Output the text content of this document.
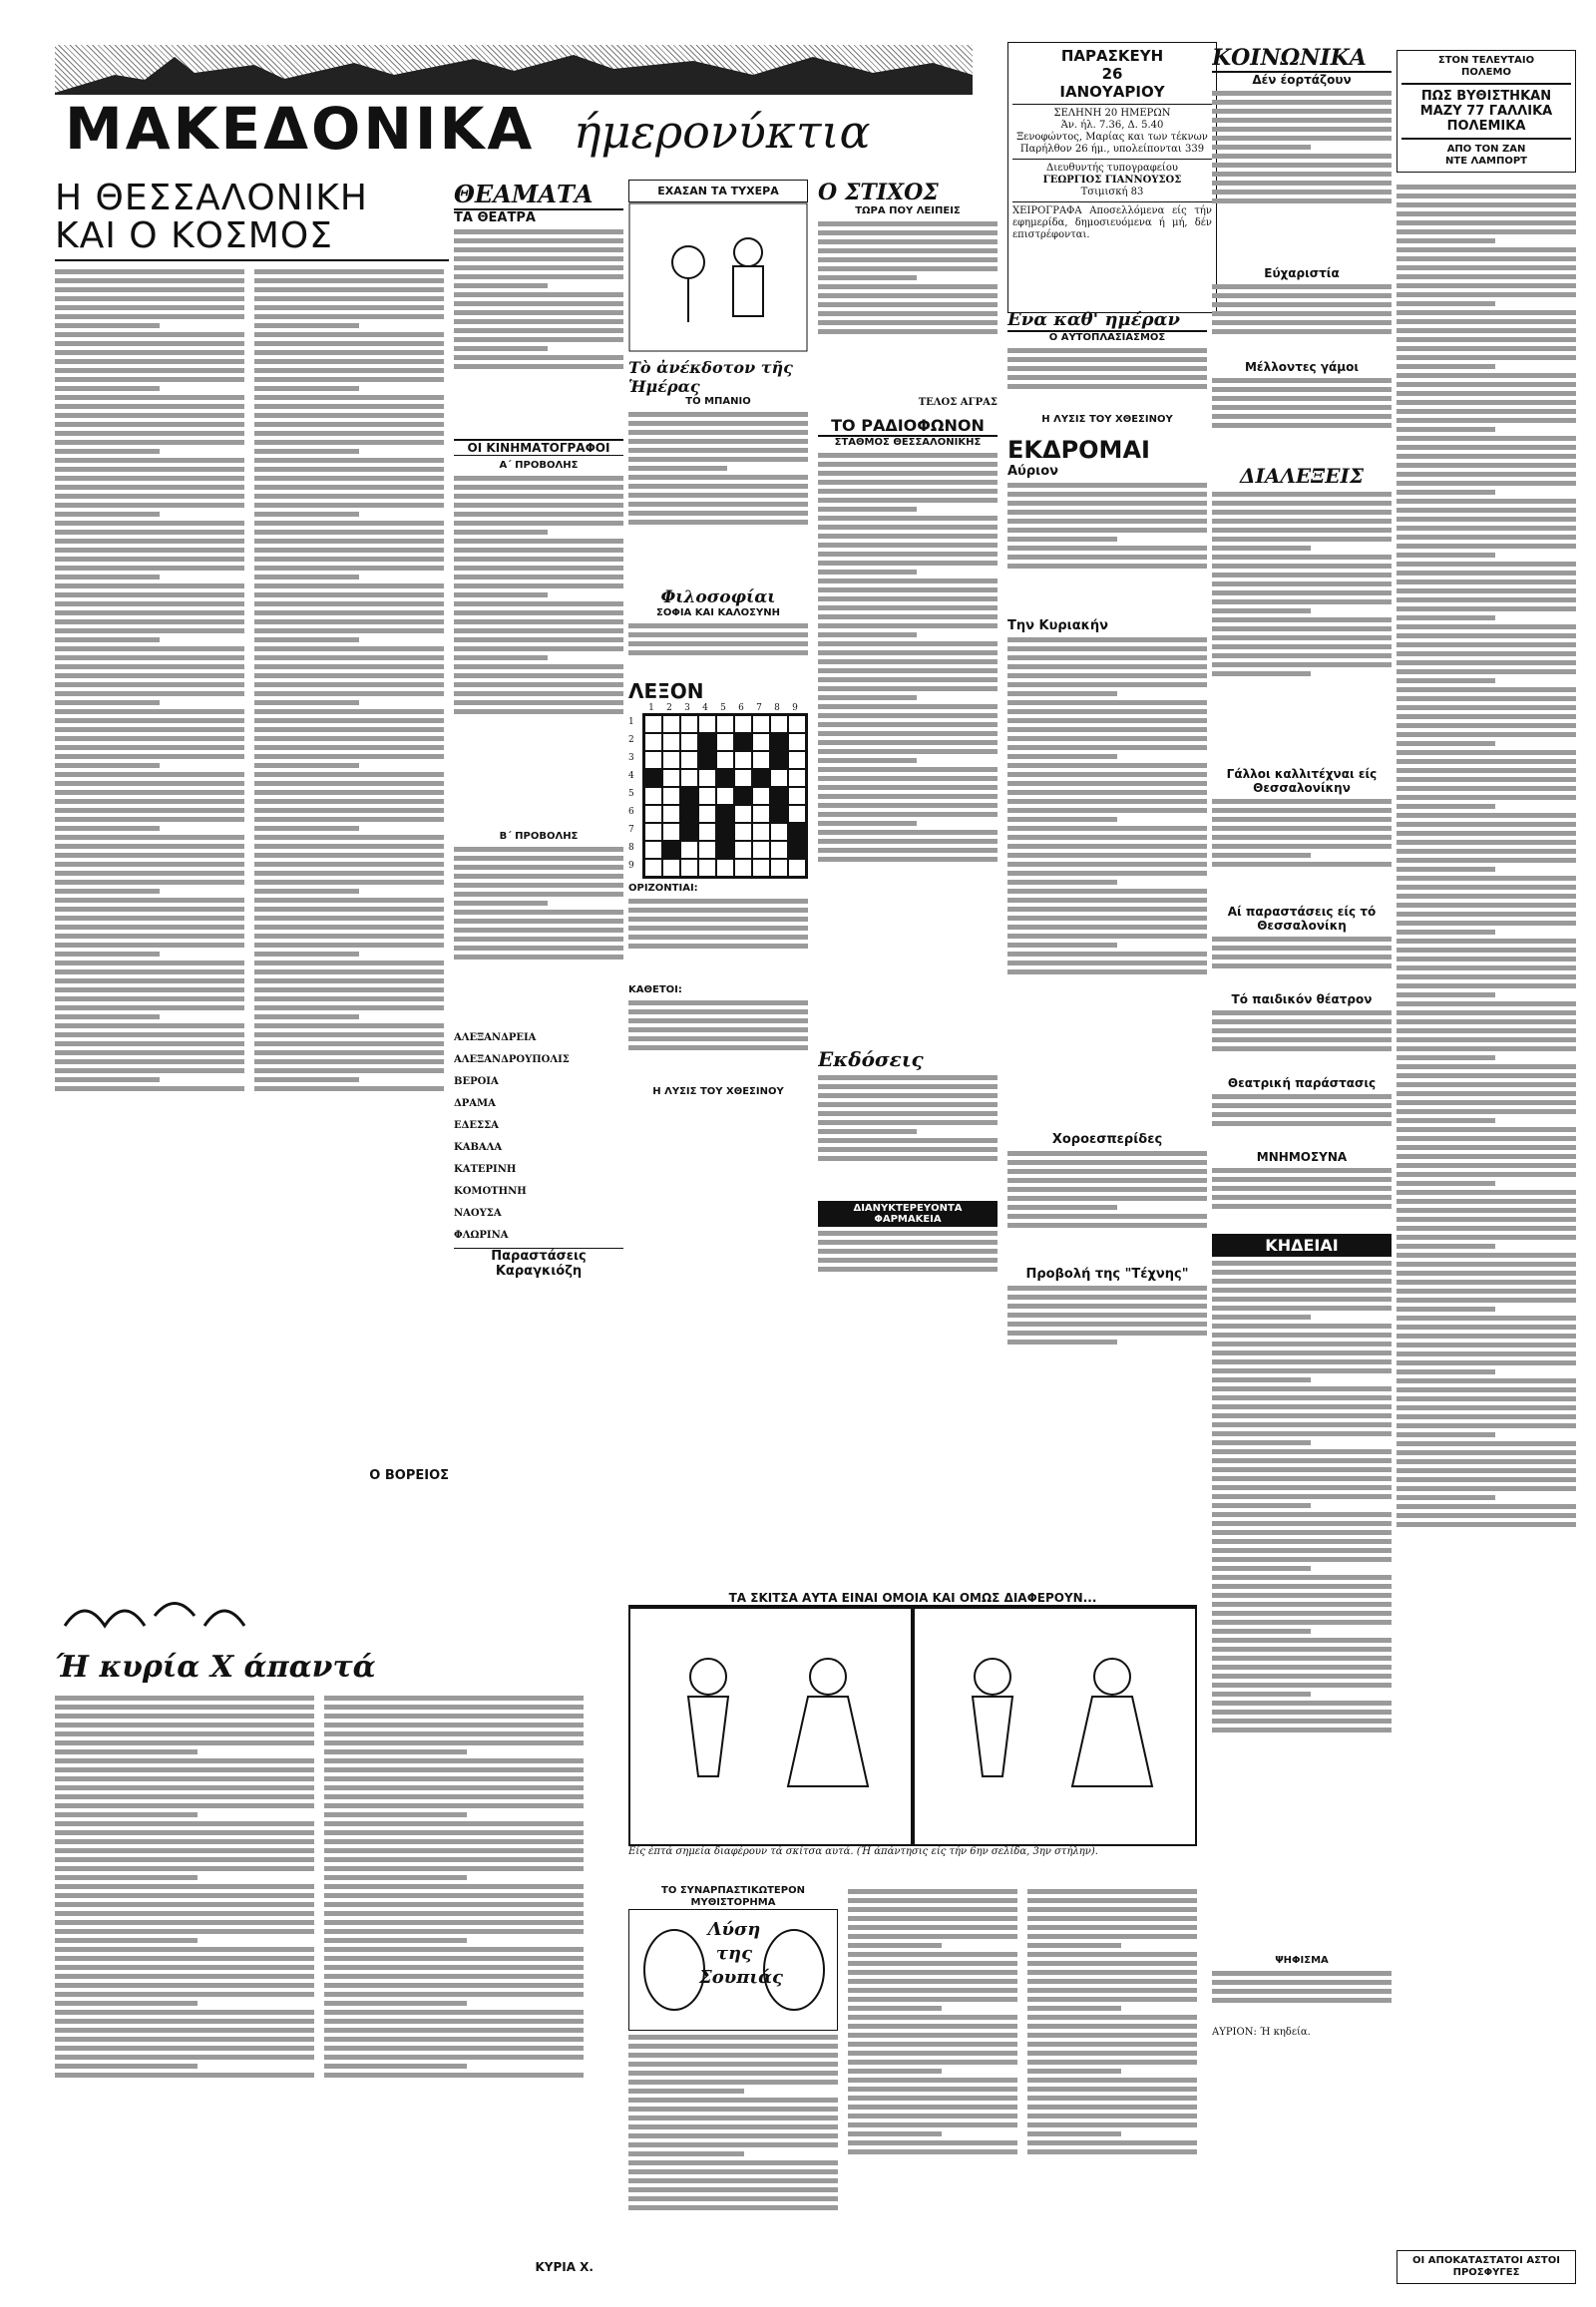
ΜΑΚΕΔΟΝΙΚΑ ήμερονύκτια
ΠΑΡΑΣΚΕΥΗ
26
ΙΑΝΟΥΑΡΙΟΥ
ΣΕΛΗΝΗ 20 ΗΜΕΡΩΝ
Άν. ήλ. 7.36, Δ. 5.40
Ξενοφώντος, Μαρίας και των τέκνων
Παρήλθον 26 ήμ., υπολείπονται 339
Διευθυντής τυπογραφείου
ΓΕΩΡΓΙΟΣ ΓΙΑΝΝΟΥΣΟΣ
Τσιμισκή 83
ΧΕΙΡΟΓΡΑΦΑ Αποσελλόμενα είς τήν εφημερίδα, δημοσιευόμενα ή μή, δέν επιστρέφονται.
ΣΤΟΝ ΤΕΛΕΥΤΑΙΟ
ΠΟΛΕΜΟ
ΠΩΣ ΒΥΘΙΣΤΗΚΑΝ ΜΑΖΥ 77 ΓΑΛΛΙΚΑ ΠΟΛΕΜΙΚΑ
ΑΠΟ ΤΟΝ ΖΑΝ
ΝΤΕ ΛΑΜΠΟΡΤ
ΟΙ ΑΠΟΚΑΤΑΣΤΑΤΟΙ ΑΣΤΟΙ ΠΡΟΣΦΥΓΕΣ
Η ΘΕΣΣΑΛΟΝΙΚΗ
ΚΑΙ Ο ΚΟΣΜΟΣ
Ο ΒΟΡΕΙΟΣ
Ή κυρία Χ άπαντά
ΚΥΡΙΑ Χ.
ΘΕΑΜΑΤΑ
ΤΑ ΘΕΑΤΡΑ
ΟΙ ΚΙΝΗΜΑΤΟΓΡΑΦΟΙ
Α΄ ΠΡΟΒΟΛΗΣ
Β΄ ΠΡΟΒΟΛΗΣ
ΑΛΕΞΑΝΔΡΕΙΑ
ΑΛΕΞΑΝΔΡΟΥΠΟΛΙΣ
ΒΕΡΟΙΑ
ΔΡΑΜΑ
ΕΔΕΣΣΑ
ΚΑΒΑΛΑ
ΚΑΤΕΡΙΝΗ
ΚΟΜΟΤΗΝΗ
ΝΑΟΥΣΑ
ΦΛΩΡΙΝΑ
Παραστάσεις Καραγκιόζη
ΕΧΑΣΑΝ ΤΑ ΤΥΧΕΡΑ
Τὸ ἀνέκδοτον τῆς Ἡμέρας
ΤΟ ΜΠΑΝΙΟ
Φιλοσοφίαι
ΣΟΦΙΑ ΚΑΙ ΚΑΛΟΣΥΝΗ
ΛΕΞΟΝ
1	2	3	4	5	6	7	8	9
1
2
3
4
5
6
7
8
9
ΟΡΙΖΟΝΤΙΑΙ:
ΚΑΘΕΤΟΙ:
Η ΛΥΣΙΣ ΤΟΥ ΧΘΕΣΙΝΟΥ
Ο ΣΤΙΧΟΣ
ΤΩΡΑ ΠΟΥ ΛΕΙΠΕΙΣ
ΤΕΛΟΣ ΑΓΡΑΣ
ΤΟ ΡΑΔΙΟΦΩΝΟΝ
ΣΤΑΘΜΟΣ ΘΕΣΣΑΛΟΝΙΚΗΣ
Εκδόσεις
ΔΙΑΝΥΚΤΕΡΕΥΟΝΤΑ ΦΑΡΜΑΚΕΙΑ
Ενα καθ' ημέραν
Ο ΑΥΤΟΠΛΑΣΙΑΣΜΟΣ
Η ΛΥΣΙΣ ΤΟΥ ΧΘΕΣΙΝΟΥ
ΕΚΔΡΟΜΑΙ
Αύριον
Την Κυριακήν
Χοροεσπερίδες
Προβολή της "Τέχνης"
ΚΟΙΝΩΝΙΚΑ
Δέν έορτάζουν
Εύχαριστία
Μέλλοντες γάμοι
ΔΙΑΛΕΞΕΙΣ
Γάλλοι καλλιτέχναι είς Θεσσαλονίκην
Αί παραστάσεις είς τό Θεσσαλονίκη
Τό παιδικόν θέατρον
Θεατρική παράστασις
ΜΝΗΜΟΣΥΝΑ
ΚΗΔΕΙΑΙ
ΨΗΦΙΣΜΑ
ΑΥΡΙΟΝ: Ή κηδεία.
ΤΑ ΣΚΙΤΣΑ ΑΥΤΑ ΕΙΝΑΙ ΟΜΟΙΑ ΚΑΙ ΟΜΩΣ ΔΙΑΦΕΡΟΥΝ...
Είς έπτά σημεία διαφέρουν τά σκίτσα αυτά. (Ή άπάντησις είς τήν 6ην σελίδα, 3ην στήλην).
ΤΟ ΣΥΝΑΡΠΑΣΤΙΚΩΤΕΡΟΝ ΜΥΘΙΣΤΟΡΗΜΑ
Λύση
της
Σουπιάς
